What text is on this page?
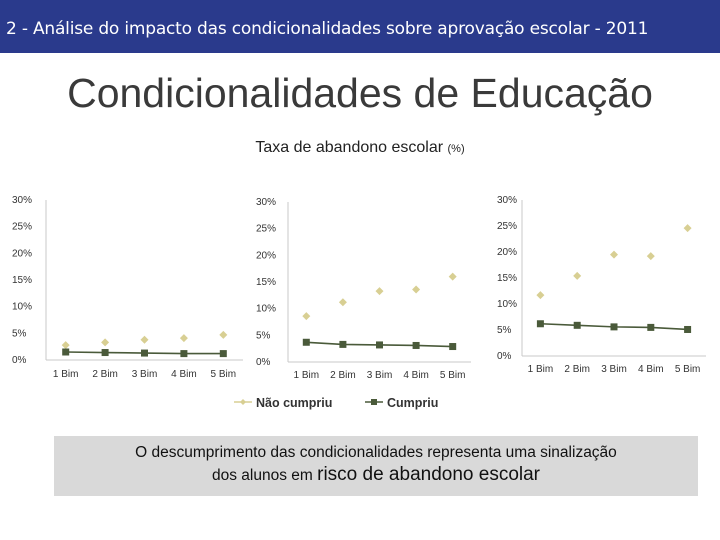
2 - Análise do impacto das condicionalidades sobre aprovação escolar - 2011
Condicionalidades de Educação
Taxa de abandono escolar (%)
0%
5%
10%
15%
20%
25%
30%
1 Bim 2 Bim 3 Bim 4 Bim 5 Bim
0%
5%
10%
15%
20%
25%
30%
1 Bim 2 Bim 3 Bim 4 Bim 5 Bim
0%
5%
10%
15%
20%
25%
30%
1 Bim 2 Bim 3 Bim 4 Bim 5 Bim
Não cumpriu	Cumpriu
O descumprimento das condicionalidades representa uma sinalização
dos alunos em risco de abandono escolar
